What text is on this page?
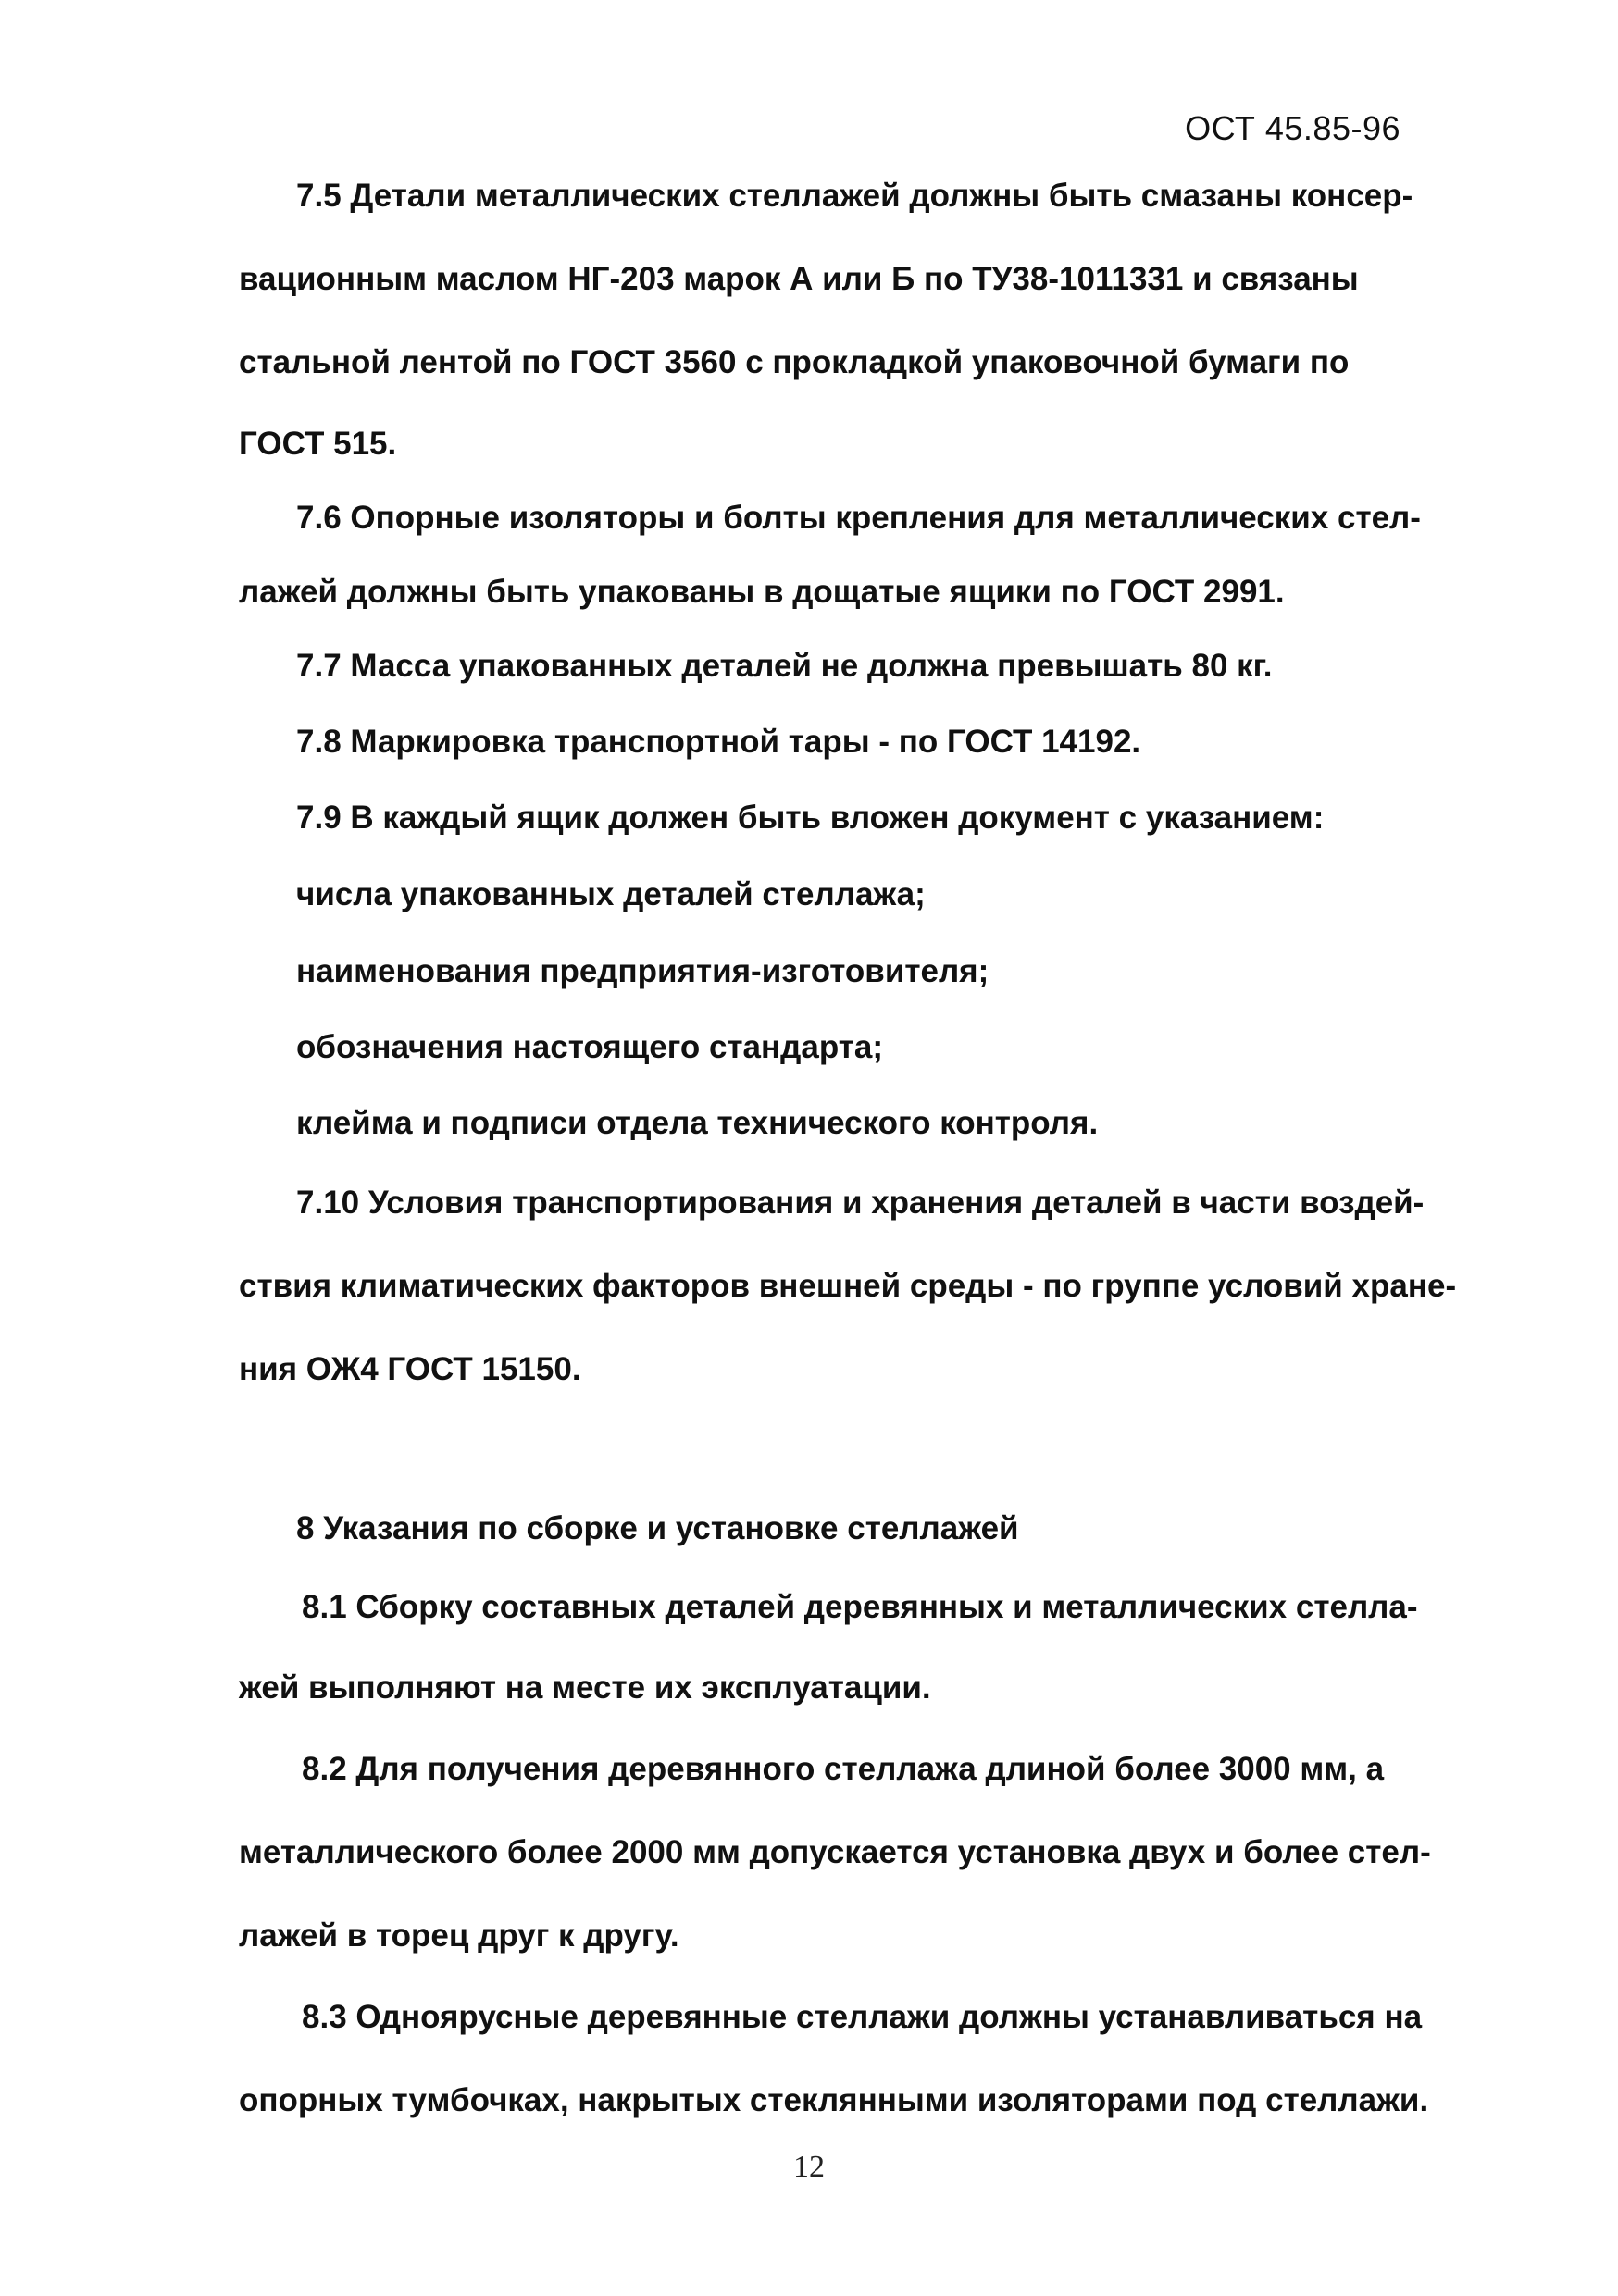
ОСТ 45.85-96
7.5 Детали металлических стеллажей должны быть смазаны консер-
вационным маслом НГ-203 марок А или Б по ТУ38-1011331 и связаны
стальной лентой по ГОСТ 3560 с прокладкой упаковочной бумаги по
ГОСТ 515.
7.6 Опорные изоляторы и болты крепления для металлических стел-
лажей должны быть упакованы в дощатые ящики по ГОСТ 2991.
7.7 Масса упакованных деталей не должна превышать 80 кг.
7.8 Маркировка транспортной тары - по ГОСТ 14192.
7.9 В каждый ящик должен быть вложен документ с указанием:
числа упакованных деталей стеллажа;
наименования предприятия-изготовителя;
обозначения настоящего стандарта;
клейма и подписи отдела технического контроля.
7.10 Условия транспортирования и хранения деталей в части воздей-
ствия климатических факторов внешней среды - по группе условий хране-
ния ОЖ4 ГОСТ 15150.
8 Указания по сборке и установке стеллажей
8.1 Сборку составных деталей деревянных и металлических стелла-
жей выполняют на месте их эксплуатации.
8.2 Для получения деревянного стеллажа длиной более 3000 мм, а
металлического более 2000 мм допускается установка двух и более стел-
лажей в торец друг к другу.
8.3 Одноярусные деревянные стеллажи должны устанавливаться на
опорных тумбочках, накрытых стеклянными изоляторами под стеллажи.
12
